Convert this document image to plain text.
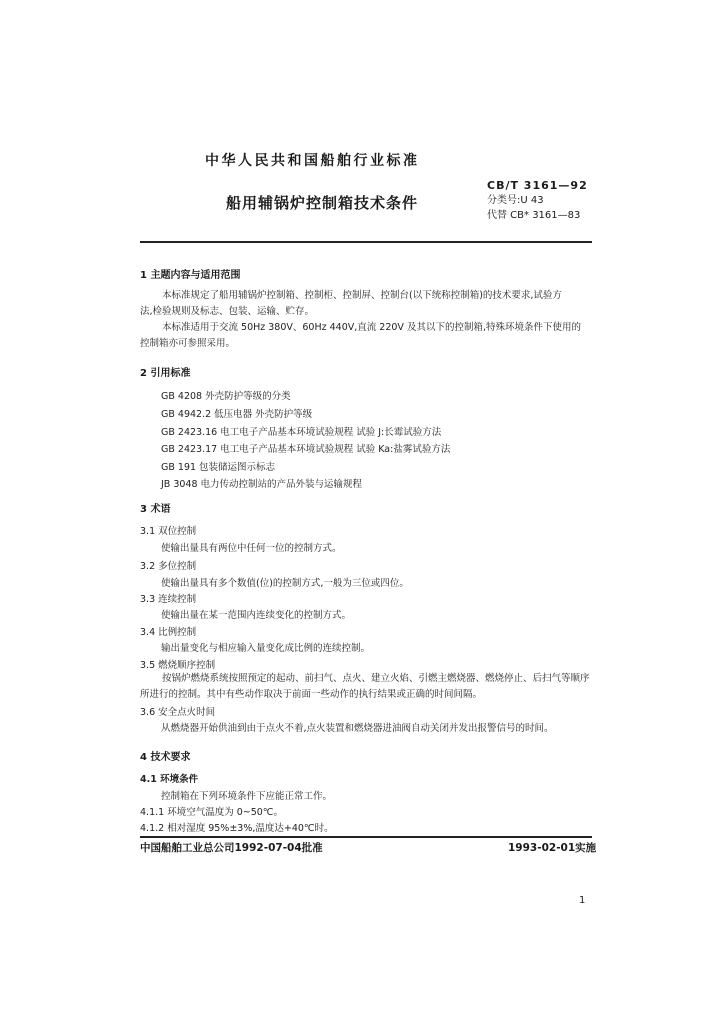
中华人民共和国船舶行业标准
船用辅锅炉控制箱技术条件
CB/T 3161—92
分类号:U 43
代替 CB* 3161—83
1 主题内容与适用范围
本标准规定了船用辅锅炉控制箱、控制柜、控制屏、控制台(以下统称控制箱)的技术要求,试验方
法,检验规则及标志、包装、运输、贮存。
本标准适用于交流 50Hz 380V、60Hz 440V,直流 220V 及其以下的控制箱,特殊环境条件下使用的
控制箱亦可参照采用。
2 引用标准
GB 4208 外壳防护等级的分类
GB 4942.2 低压电器 外壳防护等级
GB 2423.16 电工电子产品基本环境试验规程 试验 J:长霉试验方法
GB 2423.17 电工电子产品基本环境试验规程 试验 Ka:盐雾试验方法
GB 191 包装储运图示标志
JB 3048 电力传动控制站的产品外装与运输规程
3 术语
3.1 双位控制
使输出量具有两位中任何一位的控制方式。
3.2 多位控制
使输出量具有多个数值(位)的控制方式,一般为三位或四位。
3.3 连续控制
使输出量在某一范围内连续变化的控制方式。
3.4 比例控制
输出量变化与相应输入量变化成比例的连续控制。
3.5 燃烧顺序控制
按锅炉燃烧系统按照预定的起动、前扫气、点火、建立火焰、引燃主燃烧器、燃烧停止、后扫气等顺序
所进行的控制。其中有些动作取决于前面一些动作的执行结果或正确的时间间隔。
3.6 安全点火时间
从燃烧器开始供油到由于点火不着,点火装置和燃烧器进油阀自动关闭并发出报警信号的时间。
4 技术要求
4.1 环境条件
控制箱在下列环境条件下应能正常工作。
4.1.1 环境空气温度为 0~50℃。
4.1.2 相对湿度 95%±3%,温度达+40℃时。
中国船舶工业总公司1992-07-04批准	1993-02-01实施
1
